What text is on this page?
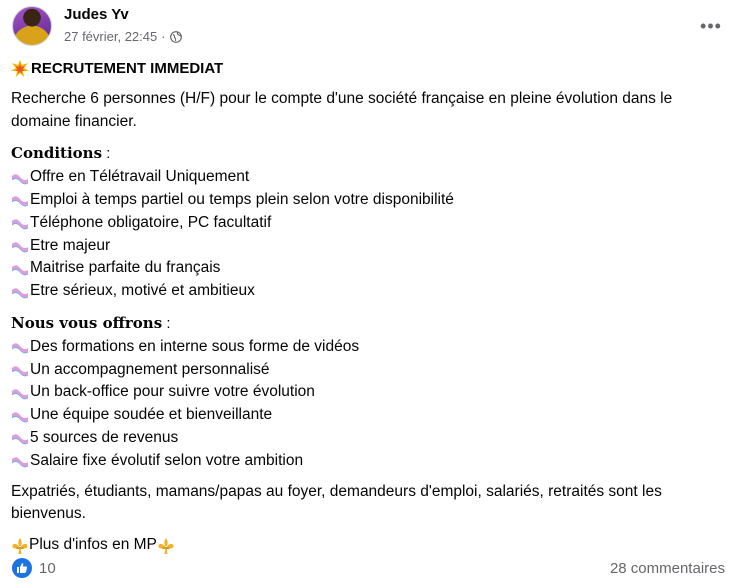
Judes Yv
27 février, 22:45 ·
•••
RECRUTEMENT IMMEDIAT

Recherche 6 personnes (H/F) pour le compte d'une société française en pleine évolution dans le domaine financier.

Conditions :
Offre en Télétravail Uniquement
Emploi à temps partiel ou temps plein selon votre disponibilité
Téléphone obligatoire, PC facultatif
Etre majeur
Maitrise parfaite du français
Etre sérieux, motivé et ambitieux
Nous vous offrons :
Des formations en interne sous forme de vidéos
Un accompagnement personnalisé
Un back-office pour suivre votre évolution
Une équipe soudée et bienveillante
5 sources de revenus
Salaire fixe évolutif selon votre ambition

Expatriés, étudiants, mamans/papas au foyer, demandeurs d'emploi, salariés, retraités sont les bienvenus.

Plus d'infos en MP
10	28 commentaires
